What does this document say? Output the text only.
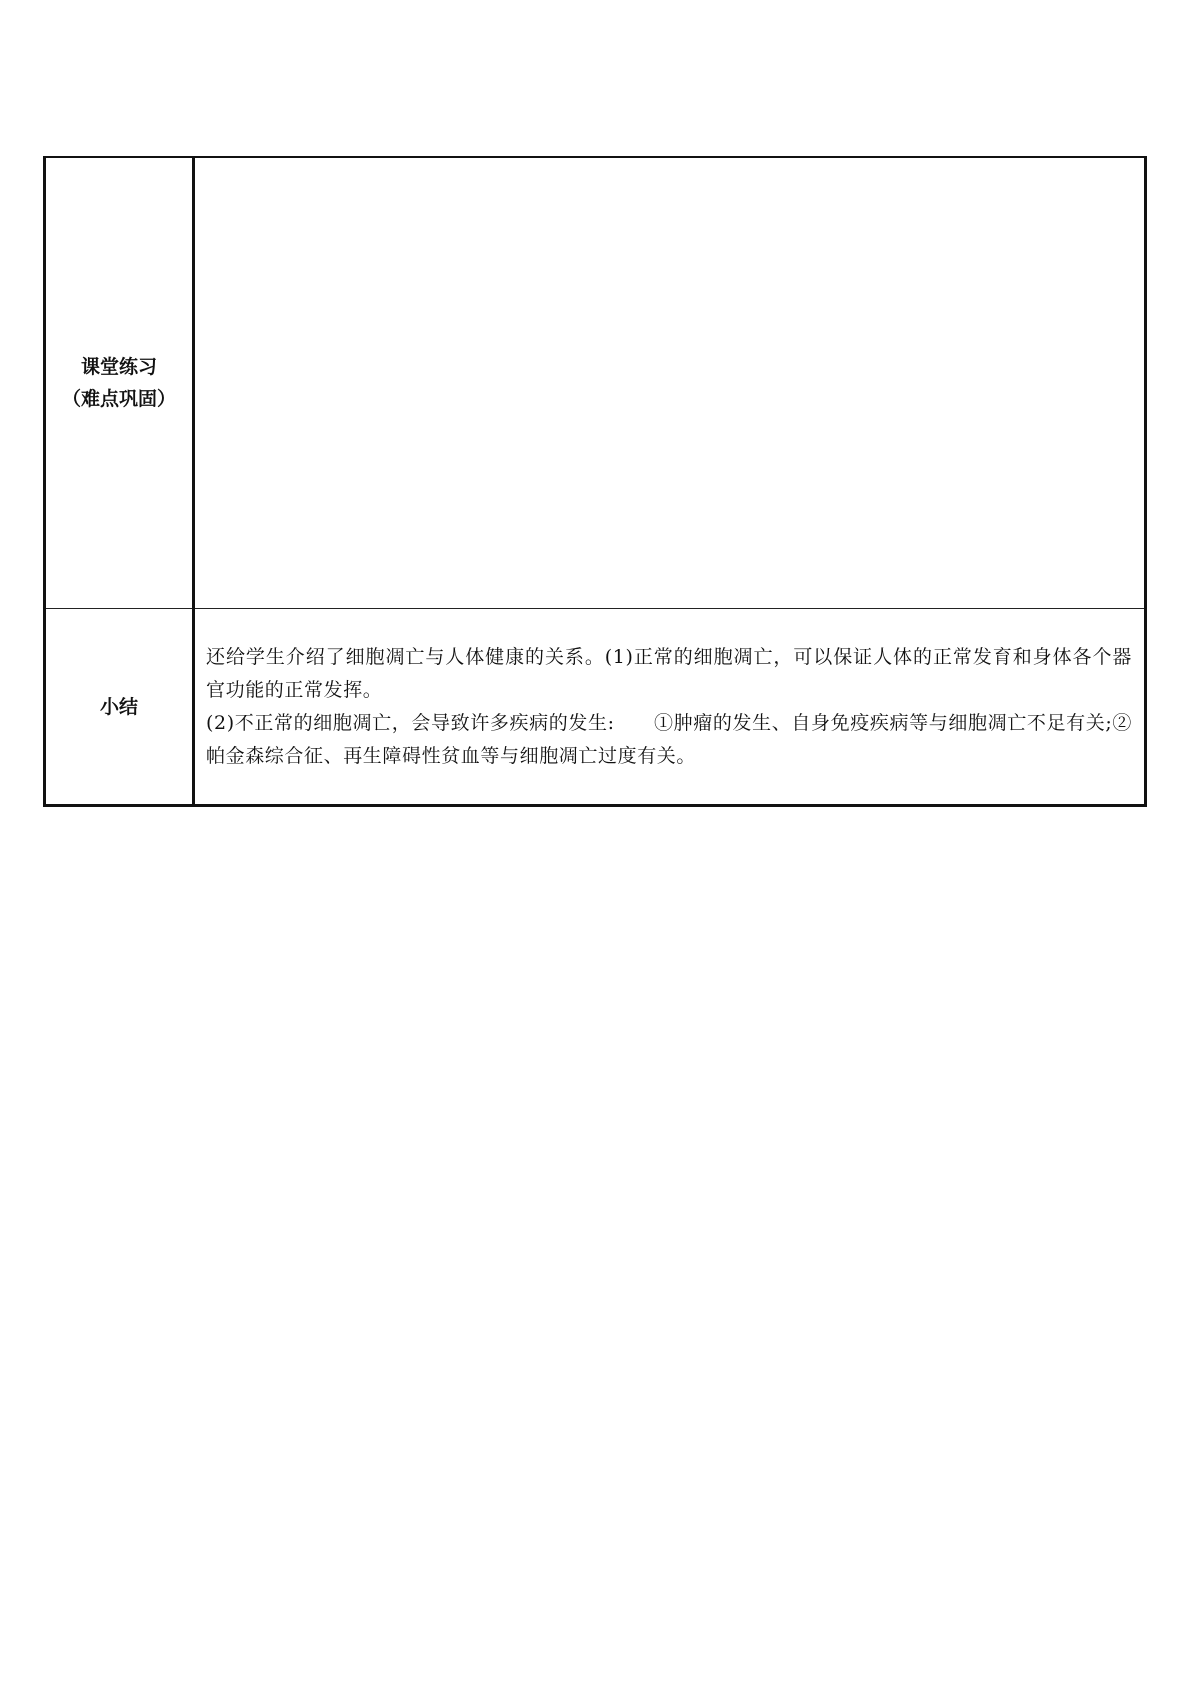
课堂练习
（难点巩固）	

小结	还给学生介绍了细胞凋亡与人体健康的关系。(1)正常的细胞凋亡，可以保证人体的正常发育和身体各个器官功能的正常发挥。

(2)不正常的细胞凋亡，会导致许多疾病的发生:　　①肿瘤的发生、自身免疫疾病等与细胞凋亡不足有关;② 帕金森综合征、再生障碍性贫血等与细胞凋亡过度有关。
